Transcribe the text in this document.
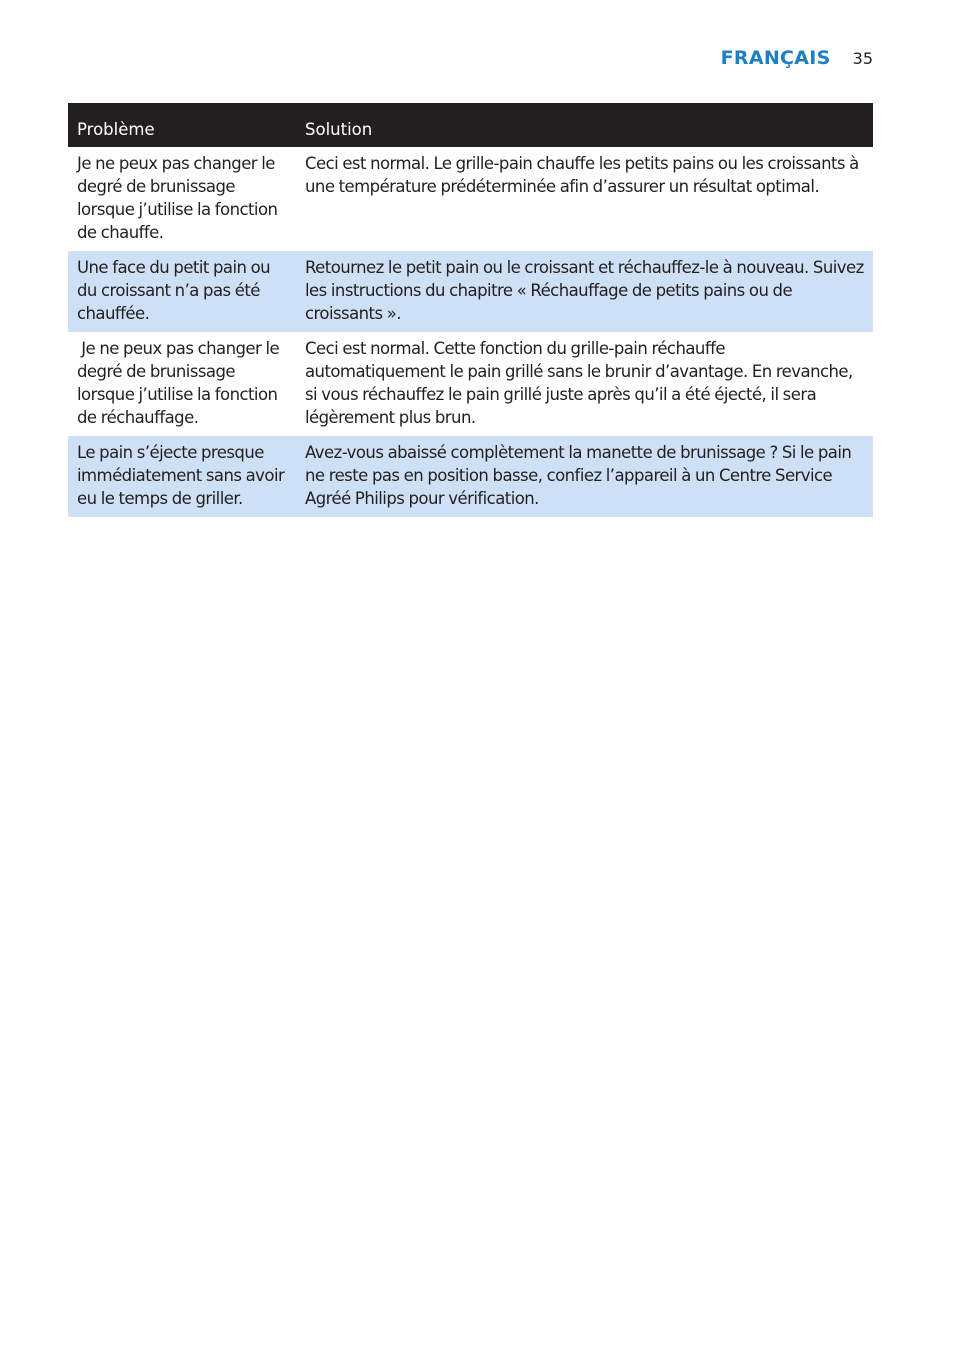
FRANÇAIS 35
Problème	Solution
Je ne peux pas changer le degré de brunissage lorsque j’utilise la fonction de chauffe.	Ceci est normal. Le grille-pain chauffe les petits pains ou les croissants à une température prédéterminée afin d’assurer un résultat optimal.
Une face du petit pain ou du croissant n’a pas été chauffée.	Retournez le petit pain ou le croissant et réchauffez-le à nouveau. Suivez les instructions du chapitre « Réchauffage de petits pains ou de croissants ».
Je ne peux pas changer le degré de brunissage lorsque j’utilise la fonction de réchauffage.	Ceci est normal. Cette fonction du grille-pain réchauffe automatiquement le pain grillé sans le brunir d’avantage. En revanche, si vous réchauffez le pain grillé juste après qu’il a été éjecté, il sera légèrement plus brun.
Le pain s’éjecte presque immédiatement sans avoir eu le temps de griller.	Avez-vous abaissé complètement la manette de brunissage ? Si le pain ne reste pas en position basse, confiez l’appareil à un Centre Service Agréé Philips pour vérification.
